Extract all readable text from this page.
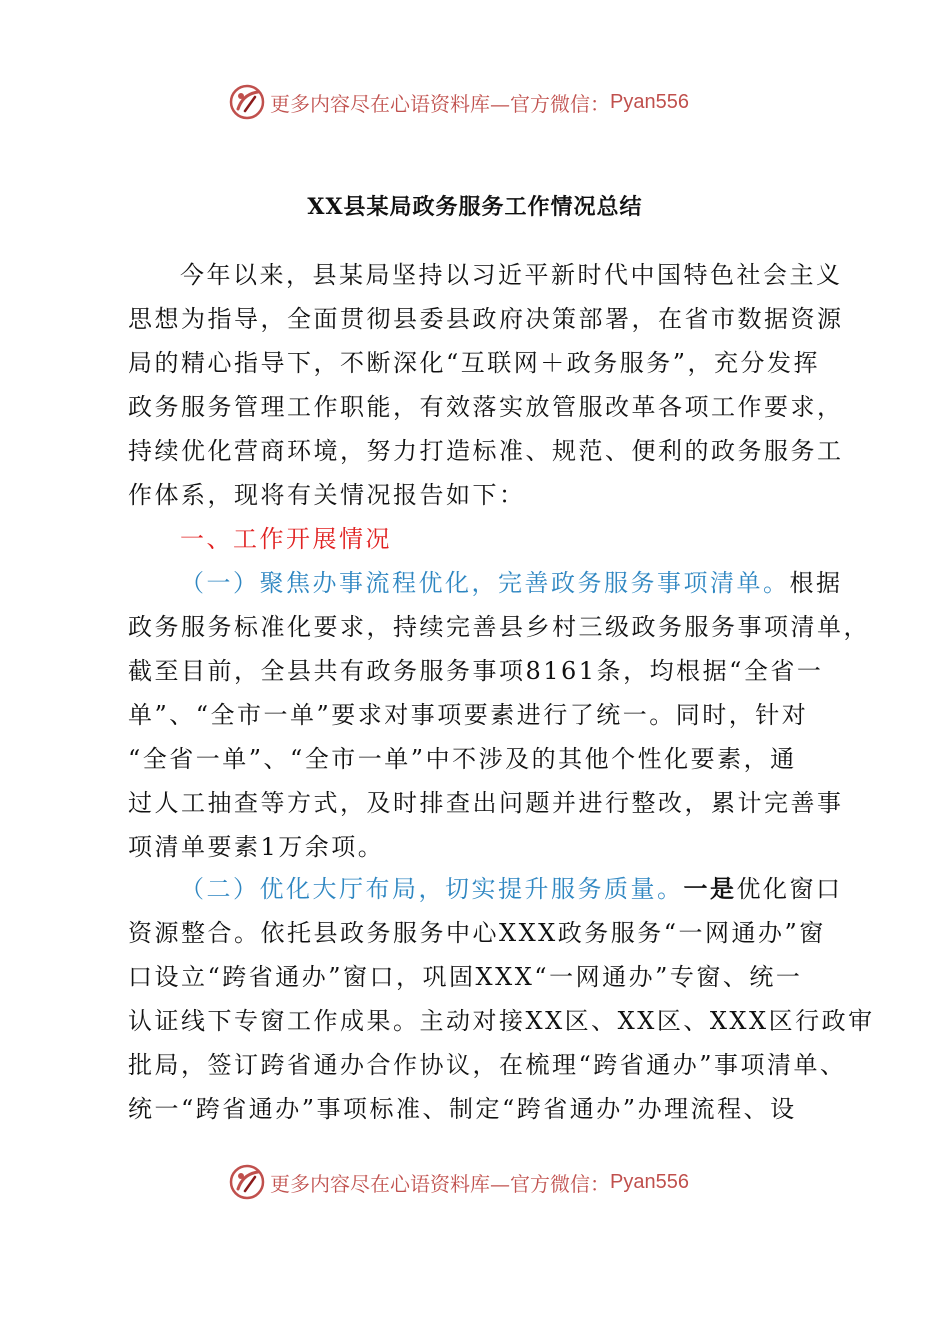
更多内容尽在心语资料库— 官方微信： Pyan556
XX县某局政务服务工作情况总结
今年以来，县某局坚持以习近平新时代中国特色社会主义
思想为指导，全面贯彻县委县政府决策部署，在省市数据资源
局的精心指导下，不断深化“互联网＋政务服务”，充分发挥
政务服务管理工作职能，有效落实放管服改革各项工作要求，
持续优化营商环境，努力打造标准、规范、便利的政务服务工
作体系，现将有关情况报告如下：
一、工作开展情况
（一）聚焦办事流程优化，完善政务服务事项清单。根据
政务服务标准化要求，持续完善县乡村三级政务服务事项清单，
截至目前，全县共有政务服务事项8161条，均根据“全省一
单”、“全市一单”要求对事项要素进行了统一。同时，针对
“全省一单”、“全市一单”中不涉及的其他个性化要素，通
过人工抽查等方式，及时排查出问题并进行整改，累计完善事
项清单要素1万余项。
（二）优化大厅布局，切实提升服务质量。一是优化窗口
资源整合。依托县政务服务中心XXX政务服务“一网通办”窗
口设立“跨省通办”窗口，巩固XXX“一网通办”专窗、统一
认证线下专窗工作成果。主动对接XX区、XX区、XXX区行政审
批局，签订跨省通办合作协议，在梳理“跨省通办”事项清单、
统一“跨省通办”事项标准、制定“跨省通办”办理流程、设
更多内容尽在心语资料库— 官方微信： Pyan556
